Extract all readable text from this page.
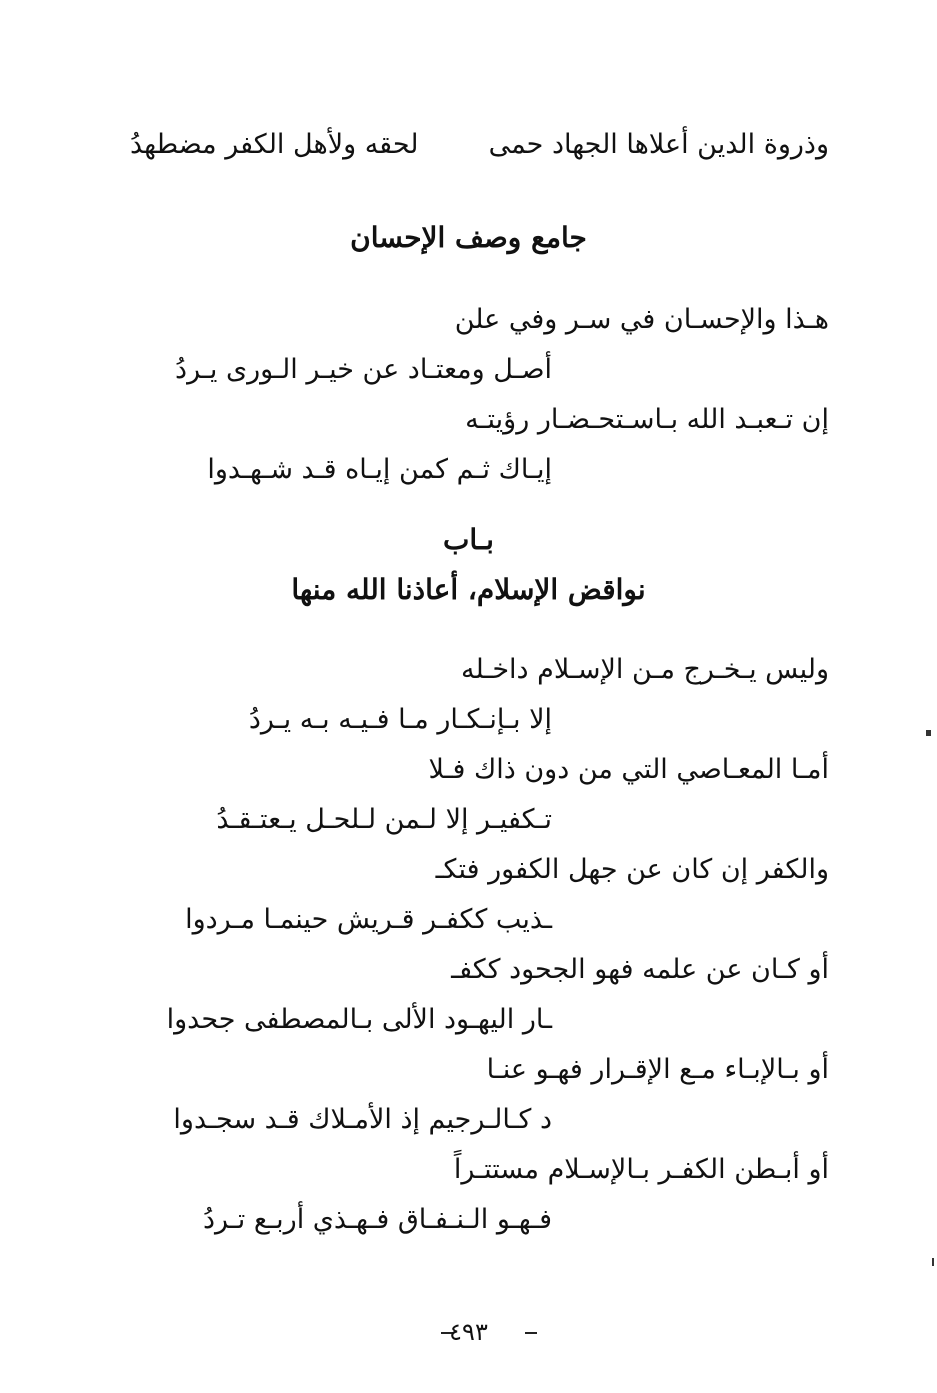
وذروة الدين أعلاها الجهاد حمى
لحقه ولأهل الكفر مضطهدُ
جامع وصف الإحسان
هـذا والإحسـان في سـر وفي علن
أصـل ومعتـاد عن خيـر الـورى يـردُ
إن تـعبـد الله بـاسـتحـضـار رؤيتـه
إيـاك ثـم كمن إيـاه قـد شـهـدوا
بـاب
نواقض الإسلام، أعاذنا الله منها
وليس يـخـرج مـن الإسـلام داخـله
إلا بـإنـكـار مـا فـيـه بـه يـردُ
أمـا المعـاصي التي من دون ذاك فـلا
تـكفيـر إلا لـمن لـلحـل يـعتـقـدُ
والكفر إن كان عن جهل الكفور فتكـ
ـذيب ككفـر قـريش حينمـا مـردوا
أو كـان عن علمه فهو الجحود ككفـ
ـار اليهـود الألى بـالمصطفى جحدوا
أو بـالإبـاء مـع الإقـرار فهـو عنـا
د كـالـرجيم إذ الأمـلاك قـد سجـدوا
أو أبـطن الكفـر بـالإسـلام مستتـراً
فـهـو الـنـفـاق فـهـذي أربـع تـردُ
٤٩٣
